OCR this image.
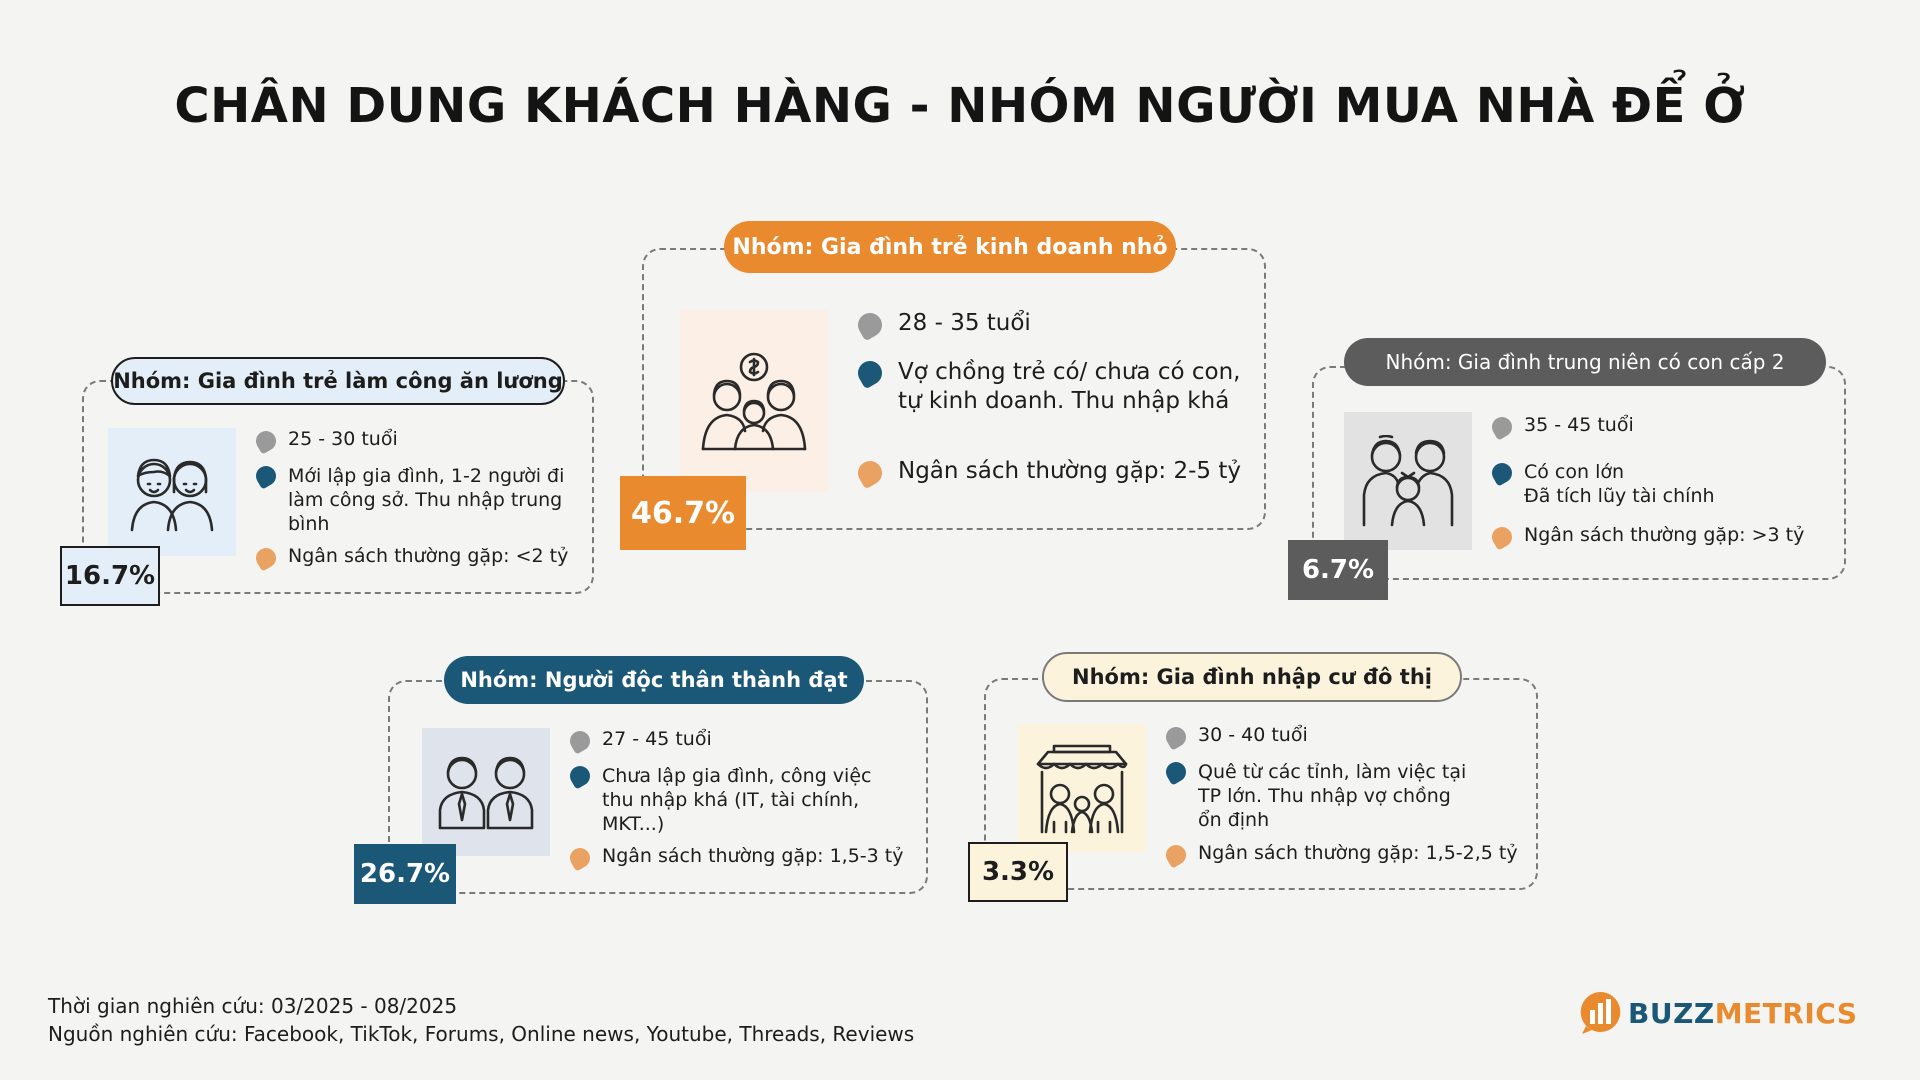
CHÂN DUNG KHÁCH HÀNG - NHÓM NGƯỜI MUA NHÀ ĐỂ Ở
Nhóm: Gia đình trẻ làm công ăn lương
16.7%
25 - 30 tuổi
Mới lập gia đình, 1-2 người đi làm công sở. Thu nhập trung bình
Ngân sách thường gặp: <2 tỷ
Nhóm: Gia đình trẻ kinh doanh nhỏ
46.7%
28 - 35 tuổi
Vợ chồng trẻ có/ chưa có con, tự kinh doanh. Thu nhập khá
Ngân sách thường gặp: 2-5 tỷ
Nhóm: Gia đình trung niên có con cấp 2
6.7%
35 - 45 tuổi
Có con lớn
Đã tích lũy tài chính
Ngân sách thường gặp: >3 tỷ
Nhóm: Người độc thân thành đạt
26.7%
27 - 45 tuổi
Chưa lập gia đình, công việc thu nhập khá (IT, tài chính, MKT...)
Ngân sách thường gặp: 1,5-3 tỷ
Nhóm: Gia đình nhập cư đô thị
3.3%
30 - 40 tuổi
Quê từ các tỉnh, làm việc tại TP lớn. Thu nhập vợ chồng ổn định
Ngân sách thường gặp: 1,5-2,5 tỷ
Thời gian nghiên cứu: 03/2025 - 08/2025
Nguồn nghiên cứu: Facebook, TikTok, Forums, Online news, Youtube, Threads, Reviews
BUZZ METRICS
